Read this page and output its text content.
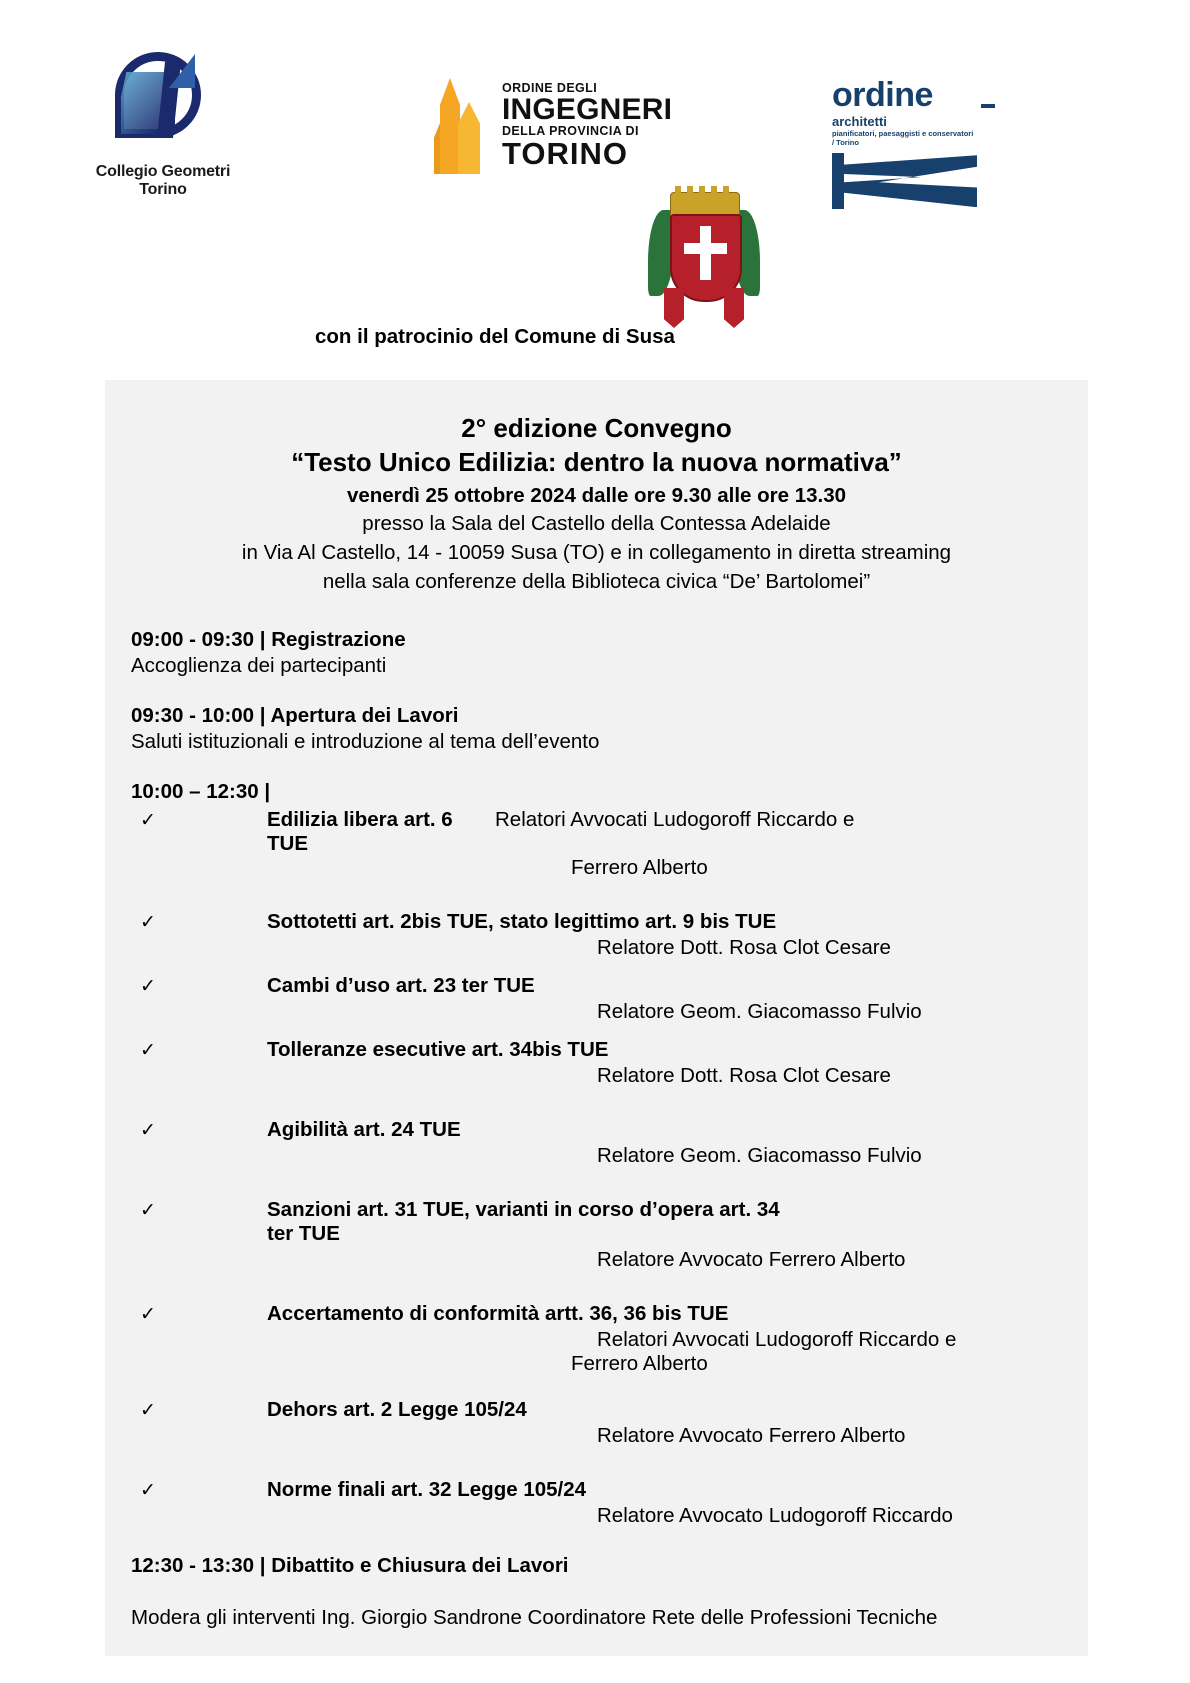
Collegio Geometri Torino
ORDINE DEGLI
INGEGNERI
DELLA PROVINCIA DI
TORINO
ordine
architetti
pianificatori, paesaggisti e conservatori / Torino
con il patrocinio del Comune di Susa
2° edizione Convegno
“Testo Unico Edilizia: dentro la nuova normativa”
venerdì 25 ottobre 2024 dalle ore 9.30 alle ore 13.30
presso la Sala del Castello della Contessa Adelaide
in Via Al Castello, 14 - 10059 Susa (TO) e in collegamento in diretta streaming
nella sala conferenze della Biblioteca civica “De’ Bartolomei”
09:00 - 09:30 | Registrazione
Accoglienza dei partecipanti
09:30 - 10:00 | Apertura dei Lavori
Saluti istituzionali e introduzione al tema dell’evento
10:00 – 12:30 |
✓	Edilizia libera art. 6 TUE
Relatori Avvocati Ludogoroff Riccardo e
Ferrero Alberto
✓	Sottotetti art. 2bis TUE, stato legittimo art. 9 bis TUE
Relatore Dott. Rosa Clot Cesare
✓	Cambi d’uso art. 23 ter TUE
Relatore Geom. Giacomasso Fulvio
✓	Tolleranze esecutive art. 34bis TUE
Relatore Dott. Rosa Clot Cesare
✓	Agibilità art. 24 TUE
Relatore Geom. Giacomasso Fulvio
✓	Sanzioni art. 31 TUE, varianti in corso d’opera art. 34 ter TUE
Relatore Avvocato Ferrero Alberto
✓	Accertamento di conformità artt. 36, 36 bis TUE
Relatori Avvocati Ludogoroff Riccardo e
Ferrero Alberto
✓	Dehors art. 2 Legge 105/24
Relatore Avvocato Ferrero Alberto
✓	Norme finali art. 32 Legge 105/24
Relatore Avvocato Ludogoroff Riccardo
12:30 - 13:30 | Dibattito e Chiusura dei Lavori
Modera gli interventi Ing. Giorgio Sandrone Coordinatore Rete delle Professioni Tecniche
